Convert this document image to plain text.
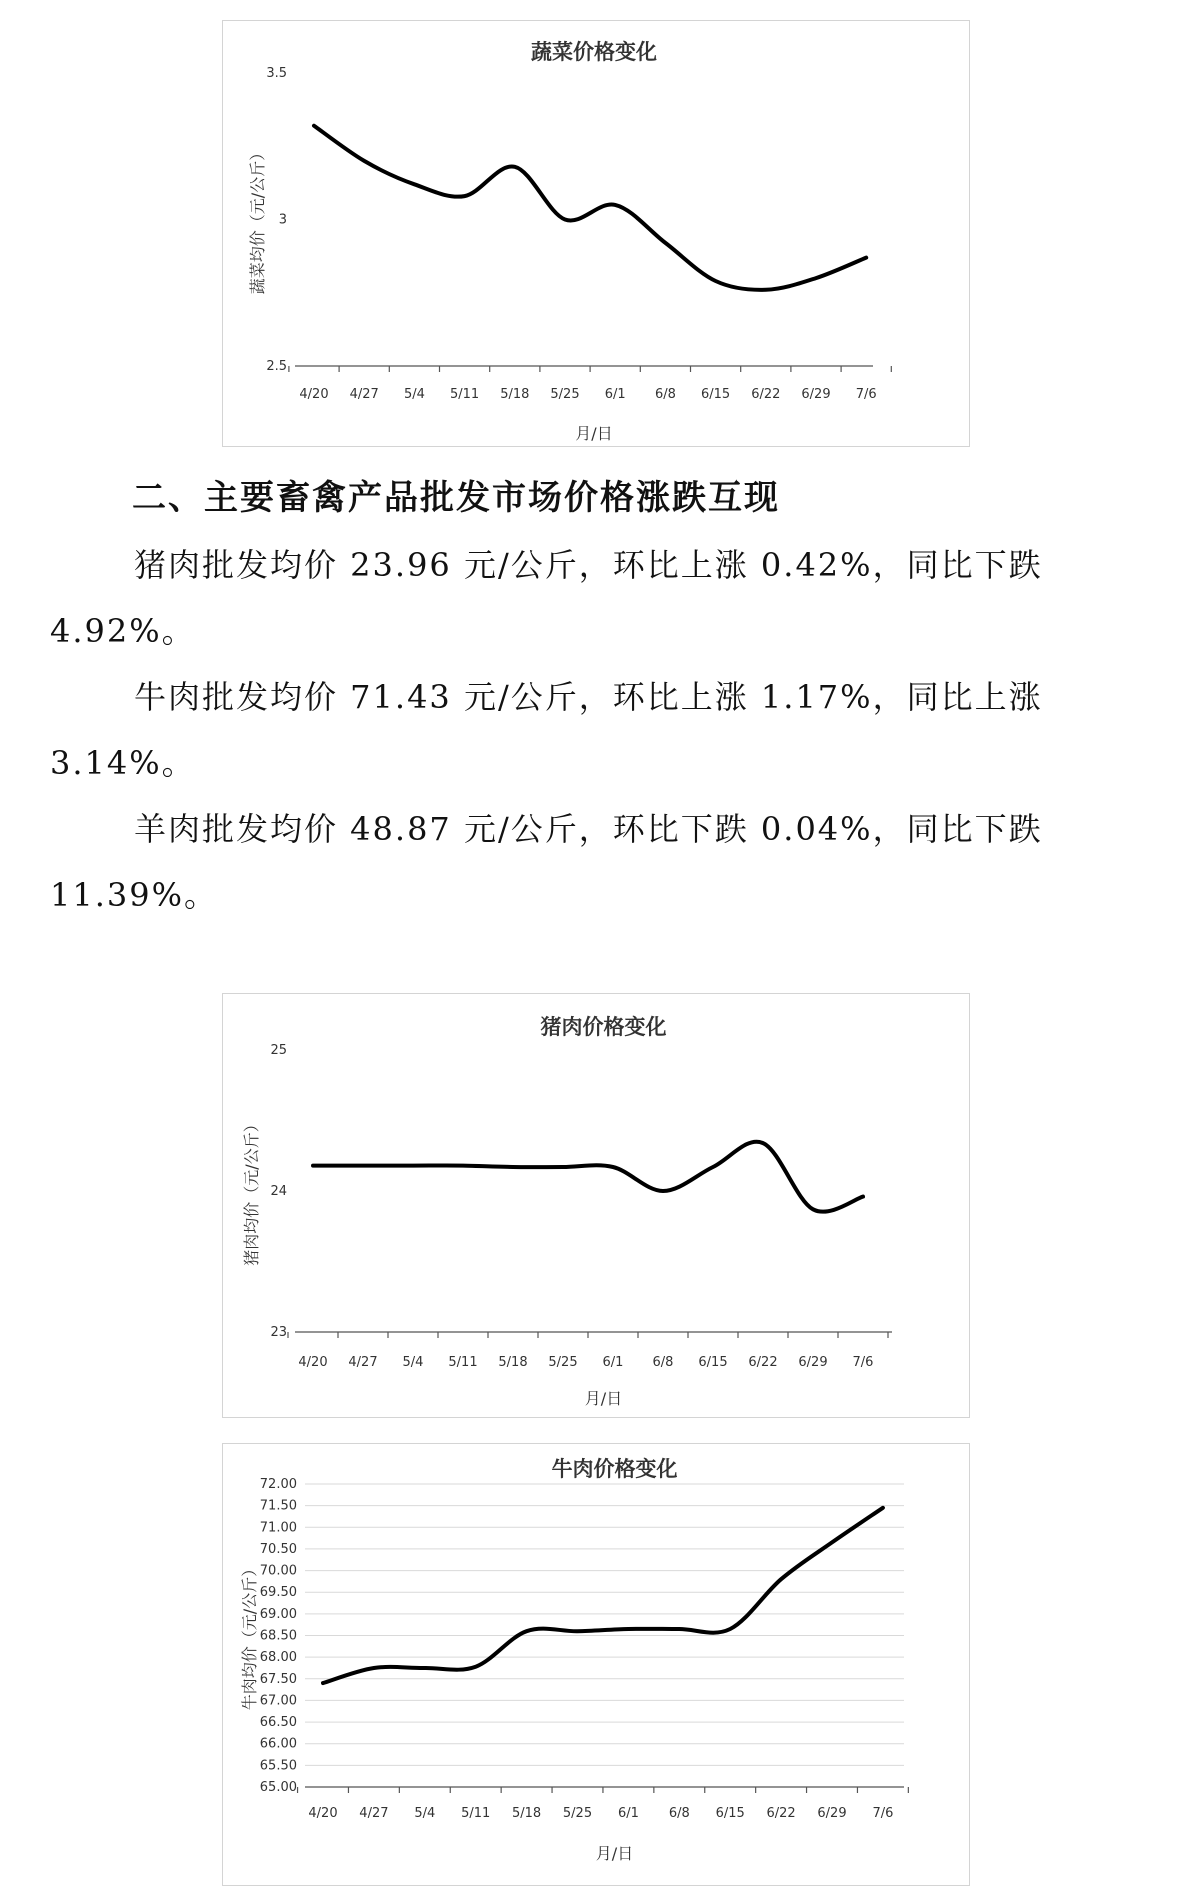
蔬菜价格变化
2.5
3
3.5
4/20 4/27 5/4 5/11 5/18 5/25 6/1 6/8 6/15 6/22 6/29 7/6
月/日
蔬菜均价（元/公斤）
二、主要畜禽产品批发市场价格涨跌互现

猪肉批发均价 23.96 元/公斤，环比上涨 0.42%，同比下跌 4.92%。

牛肉批发均价 71.43 元/公斤，环比上涨 1.17%，同比上涨 3.14%。

羊肉批发均价 48.87 元/公斤，环比下跌 0.04%，同比下跌 11.39%。

猪肉价格变化
23
24
25
4/20 4/27 5/4 5/11 5/18 5/25 6/1 6/8 6/15 6/22 6/29 7/6
月/日
猪肉均价（元/公斤）
牛肉价格变化
65.00
65.50
66.00
66.50
67.00
67.50
68.00
68.50
69.00
69.50
70.00
70.50
71.00
71.50
72.00
4/20 4/27 5/4 5/11 5/18 5/25 6/1 6/8 6/15 6/22 6/29 7/6
月/日
牛肉均价（元/公斤）
